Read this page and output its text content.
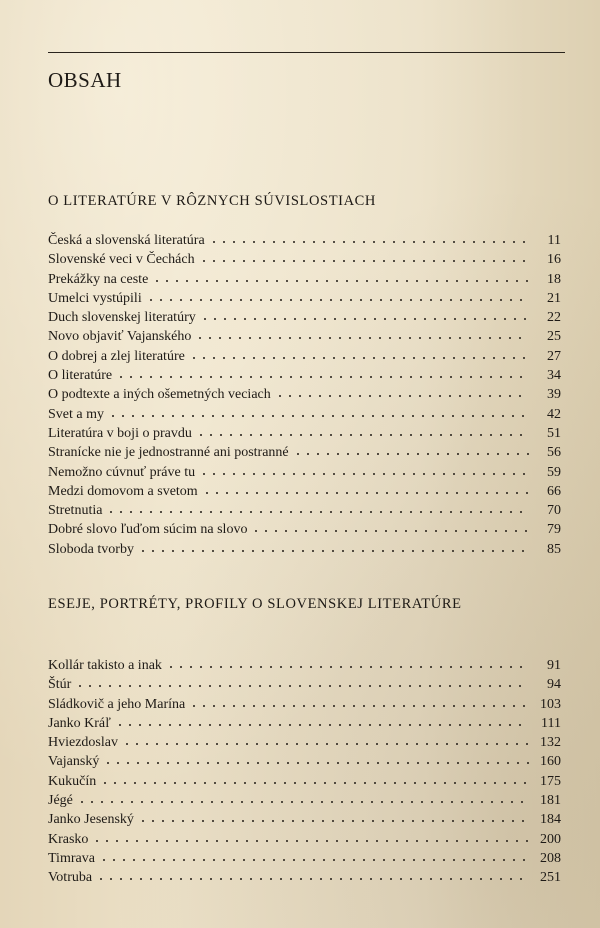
OBSAH
O LITERATÚRE V RÔZNYCH SÚVISLOSTIACH
Česká a slovenská literatúra	11
Slovenské veci v Čechách	16
Prekážky na ceste	18
Umelci vystúpili	21
Duch slovenskej literatúry	22
Novo objaviť Vajanského	25
O dobrej a zlej literatúre	27
O literatúre	34
O podtexte a iných ošemetných veciach	39
Svet a my	42
Literatúra v boji o pravdu	51
Stranícke nie je jednostranné ani postranné	56
Nemožno cúvnuť práve tu	59
Medzi domovom a svetom	66
Stretnutia	70
Dobré slovo ľuďom súcim na slovo	79
Sloboda tvorby	85
ESEJE, PORTRÉTY, PROFILY O SLOVENSKEJ LITERATÚRE
Kollár takisto a inak	91
Štúr	94
Sládkovič a jeho Marína	103
Janko Kráľ	111
Hviezdoslav	132
Vajanský	160
Kukučín	175
Jégé	181
Janko Jesenský	184
Krasko	200
Timrava	208
Votruba	251
